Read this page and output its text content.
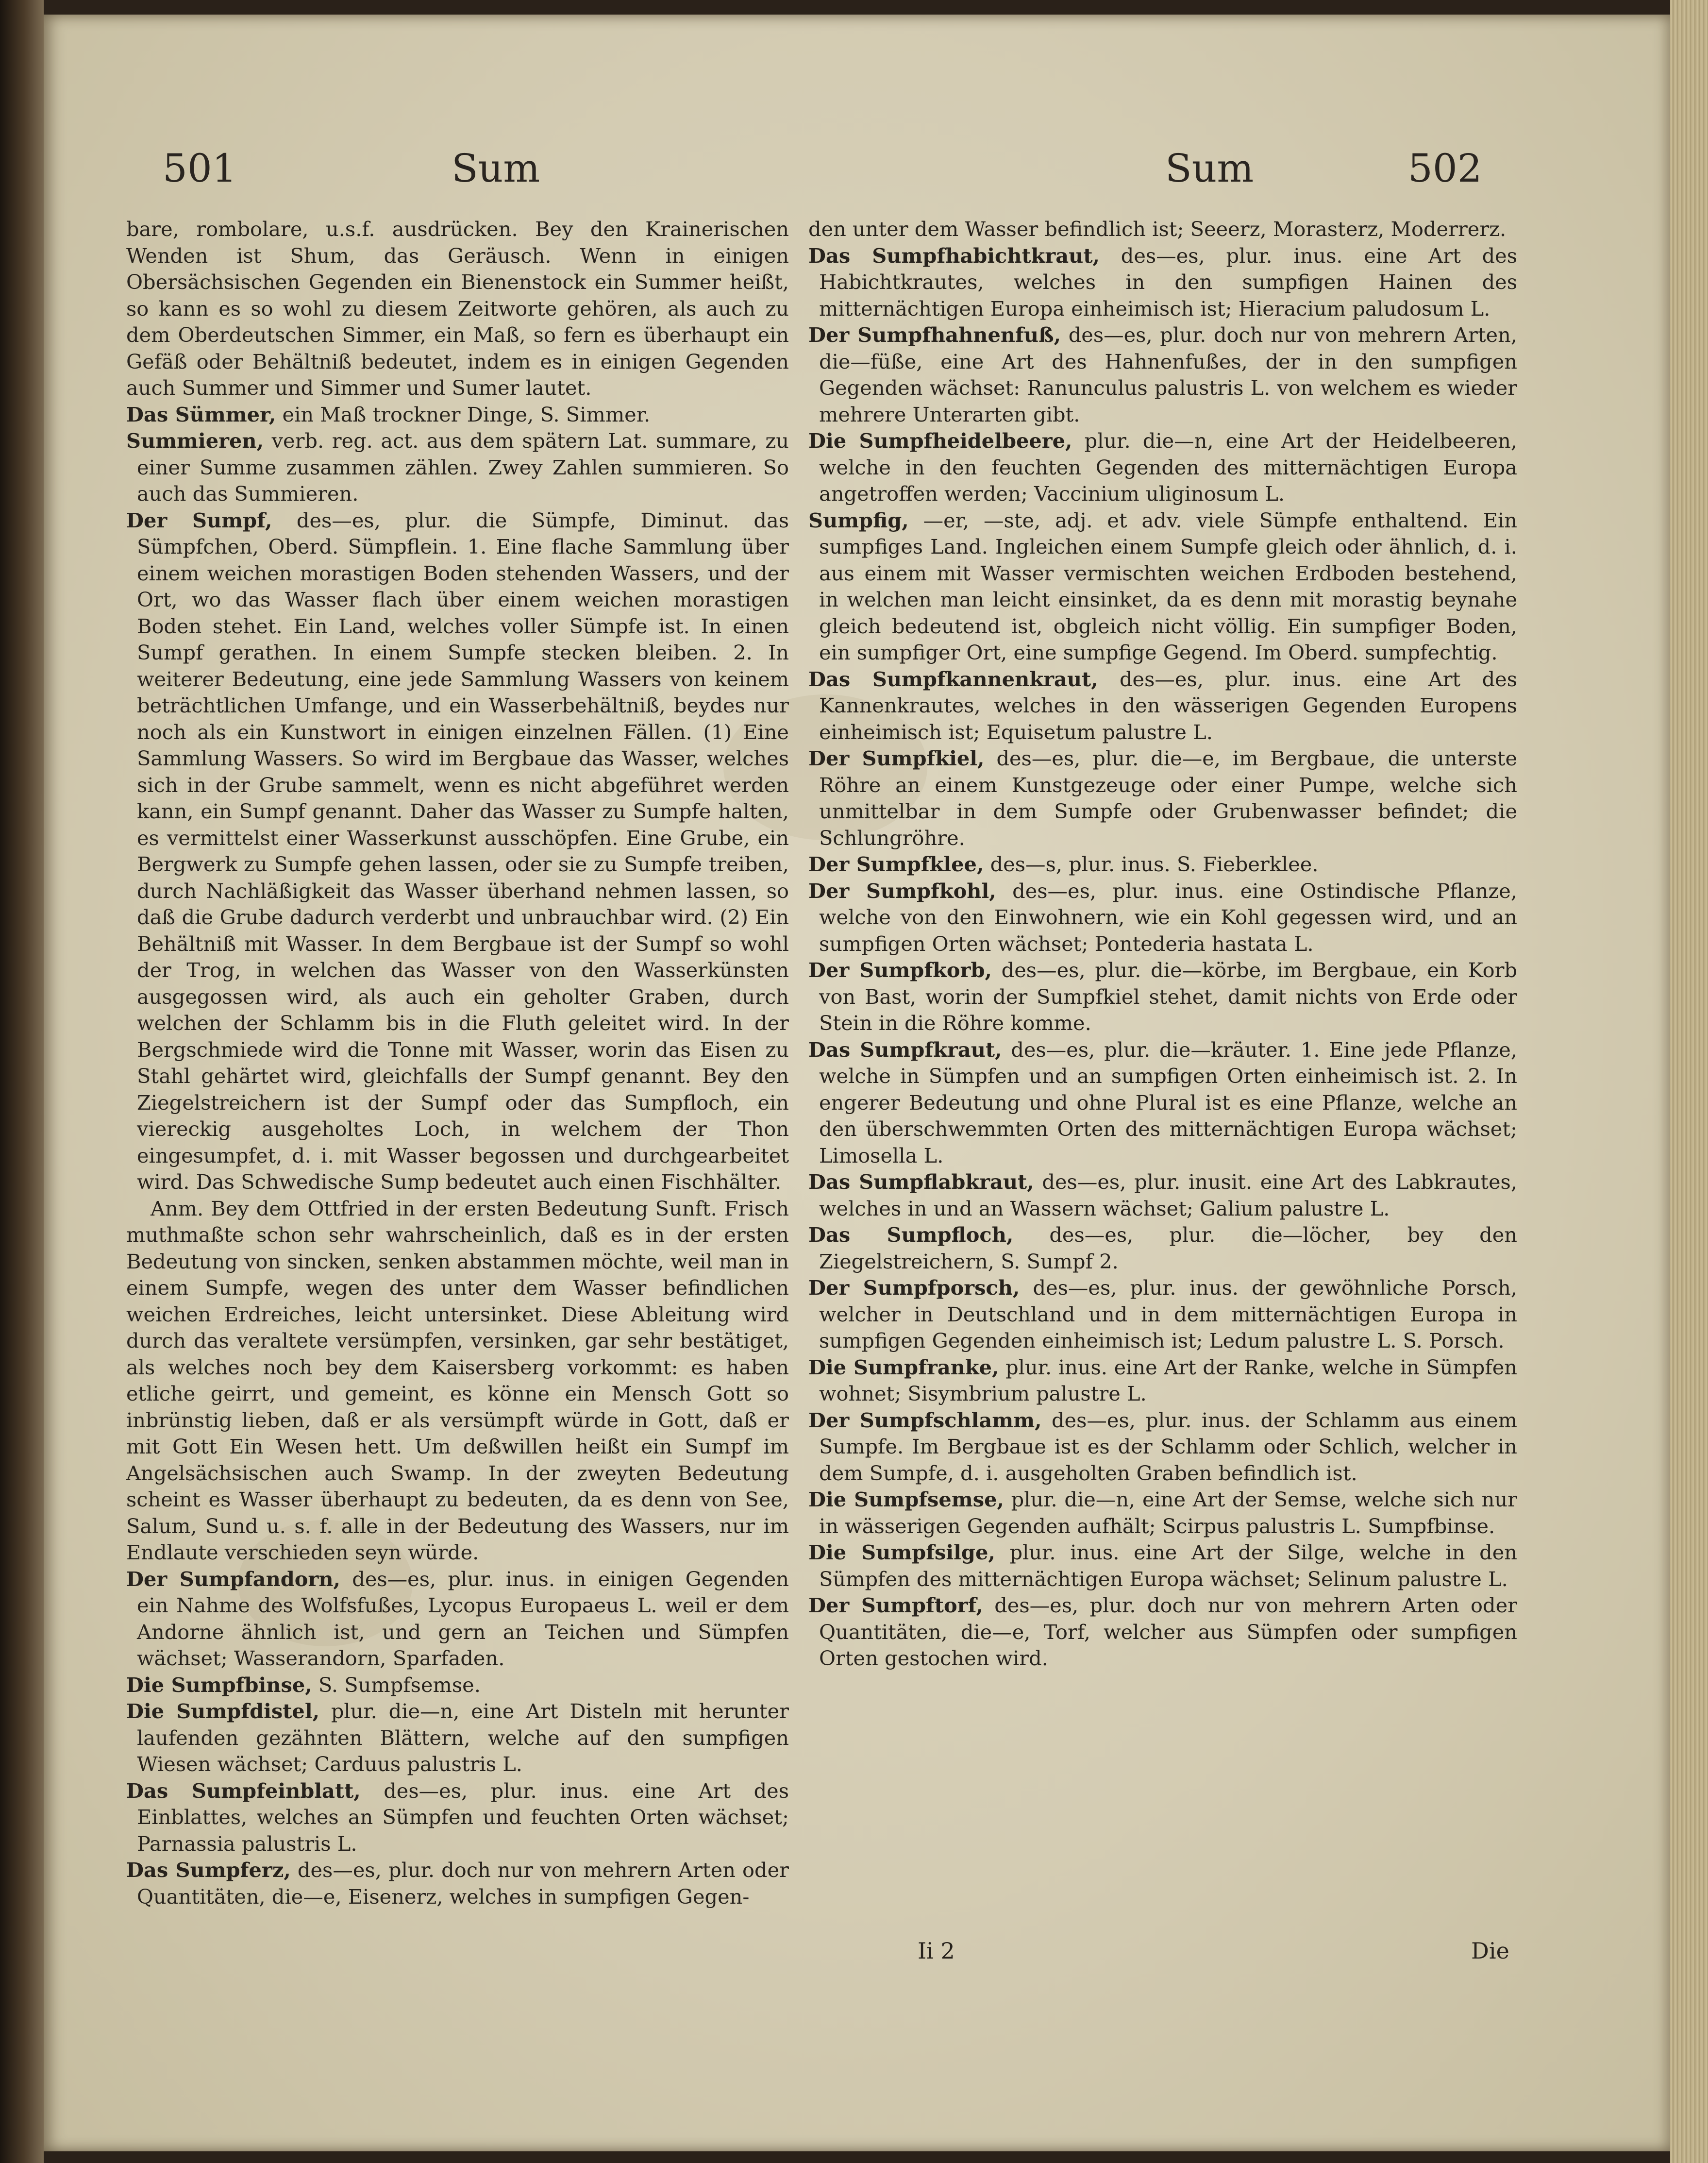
501	Sum	Sum	502

bare, rombolare, u.s.f. ausdrücken. Bey den Krainerischen Wenden ist Shum, das Geräusch. Wenn in einigen Obersächsischen Gegenden ein Bienenstock ein Summer heißt, so kann es so wohl zu diesem Zeitworte gehören, als auch zu dem Oberdeutschen Simmer, ein Maß, so fern es überhaupt ein Gefäß oder Behältniß bedeutet, indem es in einigen Gegenden auch Summer und Simmer und Sumer lautet.

Das Sümmer, ein Maß trockner Dinge, S. Simmer.

Summieren, verb. reg. act. aus dem spätern Lat. summare, zu einer Summe zusammen zählen. Zwey Zahlen summieren. So auch das Summieren.

Der Sumpf, des—es, plur. die Sümpfe, Diminut. das Sümpfchen, Oberd. Sümpflein. 1. Eine flache Sammlung über einem weichen morastigen Boden stehenden Wassers, und der Ort, wo das Wasser flach über einem weichen morastigen Boden stehet. Ein Land, welches voller Sümpfe ist. In einen Sumpf gerathen. In einem Sumpfe stecken bleiben. 2. In weiterer Bedeutung, eine jede Sammlung Wassers von keinem beträchtlichen Umfange, und ein Wasserbehältniß, beydes nur noch als ein Kunstwort in einigen einzelnen Fällen. (1) Eine Sammlung Wassers. So wird im Bergbaue das Wasser, welches sich in der Grube sammelt, wenn es nicht abgeführet werden kann, ein Sumpf genannt. Daher das Wasser zu Sumpfe halten, es vermittelst einer Wasserkunst ausschöpfen. Eine Grube, ein Bergwerk zu Sumpfe gehen lassen, oder sie zu Sumpfe treiben, durch Nachläßigkeit das Wasser überhand nehmen lassen, so daß die Grube dadurch verderbt und unbrauchbar wird. (2) Ein Behältniß mit Wasser. In dem Bergbaue ist der Sumpf so wohl der Trog, in welchen das Wasser von den Wasserkünsten ausgegossen wird, als auch ein geholter Graben, durch welchen der Schlamm bis in die Fluth geleitet wird. In der Bergschmiede wird die Tonne mit Wasser, worin das Eisen zu Stahl gehärtet wird, gleichfalls der Sumpf genannt. Bey den Ziegelstreichern ist der Sumpf oder das Sumpfloch, ein viereckig ausgeholtes Loch, in welchem der Thon eingesumpfet, d. i. mit Wasser begossen und durchgearbeitet wird. Das Schwedische Sump bedeutet auch einen Fischhälter.

Anm. Bey dem Ottfried in der ersten Bedeutung Sunft. Frisch muthmaßte schon sehr wahrscheinlich, daß es in der ersten Bedeutung von sincken, senken abstammen möchte, weil man in einem Sumpfe, wegen des unter dem Wasser befindlichen weichen Erdreiches, leicht untersinket. Diese Ableitung wird durch das veraltete versümpfen, versinken, gar sehr bestätiget, als welches noch bey dem Kaisersberg vorkommt: es haben etliche geirrt, und gemeint, es könne ein Mensch Gott so inbrünstig lieben, daß er als versümpft würde in Gott, daß er mit Gott Ein Wesen hett. Um deßwillen heißt ein Sumpf im Angelsächsischen auch Swamp. In der zweyten Bedeutung scheint es Wasser überhaupt zu bedeuten, da es denn von See, Salum, Sund u. s. f. alle in der Bedeutung des Wassers, nur im Endlaute verschieden seyn würde.

Der Sumpfandorn, des—es, plur. inus. in einigen Gegenden ein Nahme des Wolfsfußes, Lycopus Europaeus L. weil er dem Andorne ähnlich ist, und gern an Teichen und Sümpfen wächset; Wasserandorn, Sparfaden.

Die Sumpfbinse, S. Sumpfsemse.

Die Sumpfdistel, plur. die—n, eine Art Disteln mit herunter laufenden gezähnten Blättern, welche auf den sumpfigen Wiesen wächset; Carduus palustris L.

Das Sumpfeinblatt, des—es, plur. inus. eine Art des Einblattes, welches an Sümpfen und feuchten Orten wächset; Parnassia palustris L.

Das Sumpferz, des—es, plur. doch nur von mehrern Arten oder Quantitäten, die—e, Eisenerz, welches in sumpfigen Gegen-

den unter dem Wasser befindlich ist; Seeerz, Morasterz, Moderrerz.

Das Sumpfhabichtkraut, des—es, plur. inus. eine Art des Habichtkrautes, welches in den sumpfigen Hainen des mitternächtigen Europa einheimisch ist; Hieracium paludosum L.

Der Sumpfhahnenfuß, des—es, plur. doch nur von mehrern Arten, die—füße, eine Art des Hahnenfußes, der in den sumpfigen Gegenden wächset: Ranunculus palustris L. von welchem es wieder mehrere Unterarten gibt.

Die Sumpfheidelbeere, plur. die—n, eine Art der Heidelbeeren, welche in den feuchten Gegenden des mitternächtigen Europa angetroffen werden; Vaccinium uliginosum L.

Sumpfig, —er, —ste, adj. et adv. viele Sümpfe enthaltend. Ein sumpfiges Land. Ingleichen einem Sumpfe gleich oder ähnlich, d. i. aus einem mit Wasser vermischten weichen Erdboden bestehend, in welchen man leicht einsinket, da es denn mit morastig beynahe gleich bedeutend ist, obgleich nicht völlig. Ein sumpfiger Boden, ein sumpfiger Ort, eine sumpfige Gegend. Im Oberd. sumpfechtig.

Das Sumpfkannenkraut, des—es, plur. inus. eine Art des Kannenkrautes, welches in den wässerigen Gegenden Europens einheimisch ist; Equisetum palustre L.

Der Sumpfkiel, des—es, plur. die—e, im Bergbaue, die unterste Röhre an einem Kunstgezeuge oder einer Pumpe, welche sich unmittelbar in dem Sumpfe oder Grubenwasser befindet; die Schlungröhre.

Der Sumpfklee, des—s, plur. inus. S. Fieberklee.

Der Sumpfkohl, des—es, plur. inus. eine Ostindische Pflanze, welche von den Einwohnern, wie ein Kohl gegessen wird, und an sumpfigen Orten wächset; Pontederia hastata L.

Der Sumpfkorb, des—es, plur. die—körbe, im Bergbaue, ein Korb von Bast, worin der Sumpfkiel stehet, damit nichts von Erde oder Stein in die Röhre komme.

Das Sumpfkraut, des—es, plur. die—kräuter. 1. Eine jede Pflanze, welche in Sümpfen und an sumpfigen Orten einheimisch ist. 2. In engerer Bedeutung und ohne Plural ist es eine Pflanze, welche an den überschwemmten Orten des mitternächtigen Europa wächset; Limosella L.

Das Sumpflabkraut, des—es, plur. inusit. eine Art des Labkrautes, welches in und an Wassern wächset; Galium palustre L.

Das Sumpfloch, des—es, plur. die—löcher, bey den Ziegelstreichern, S. Sumpf 2.

Der Sumpfporsch, des—es, plur. inus. der gewöhnliche Porsch, welcher in Deutschland und in dem mitternächtigen Europa in sumpfigen Gegenden einheimisch ist; Ledum palustre L. S. Porsch.

Die Sumpfranke, plur. inus. eine Art der Ranke, welche in Sümpfen wohnet; Sisymbrium palustre L.

Der Sumpfschlamm, des—es, plur. inus. der Schlamm aus einem Sumpfe. Im Bergbaue ist es der Schlamm oder Schlich, welcher in dem Sumpfe, d. i. ausgeholten Graben befindlich ist.

Die Sumpfsemse, plur. die—n, eine Art der Semse, welche sich nur in wässerigen Gegenden aufhält; Scirpus palustris L. Sumpfbinse.

Die Sumpfsilge, plur. inus. eine Art der Silge, welche in den Sümpfen des mitternächtigen Europa wächset; Selinum palustre L.

Der Sumpftorf, des—es, plur. doch nur von mehrern Arten oder Quantitäten, die—e, Torf, welcher aus Sümpfen oder sumpfigen Orten gestochen wird.

Ii 2	Die
